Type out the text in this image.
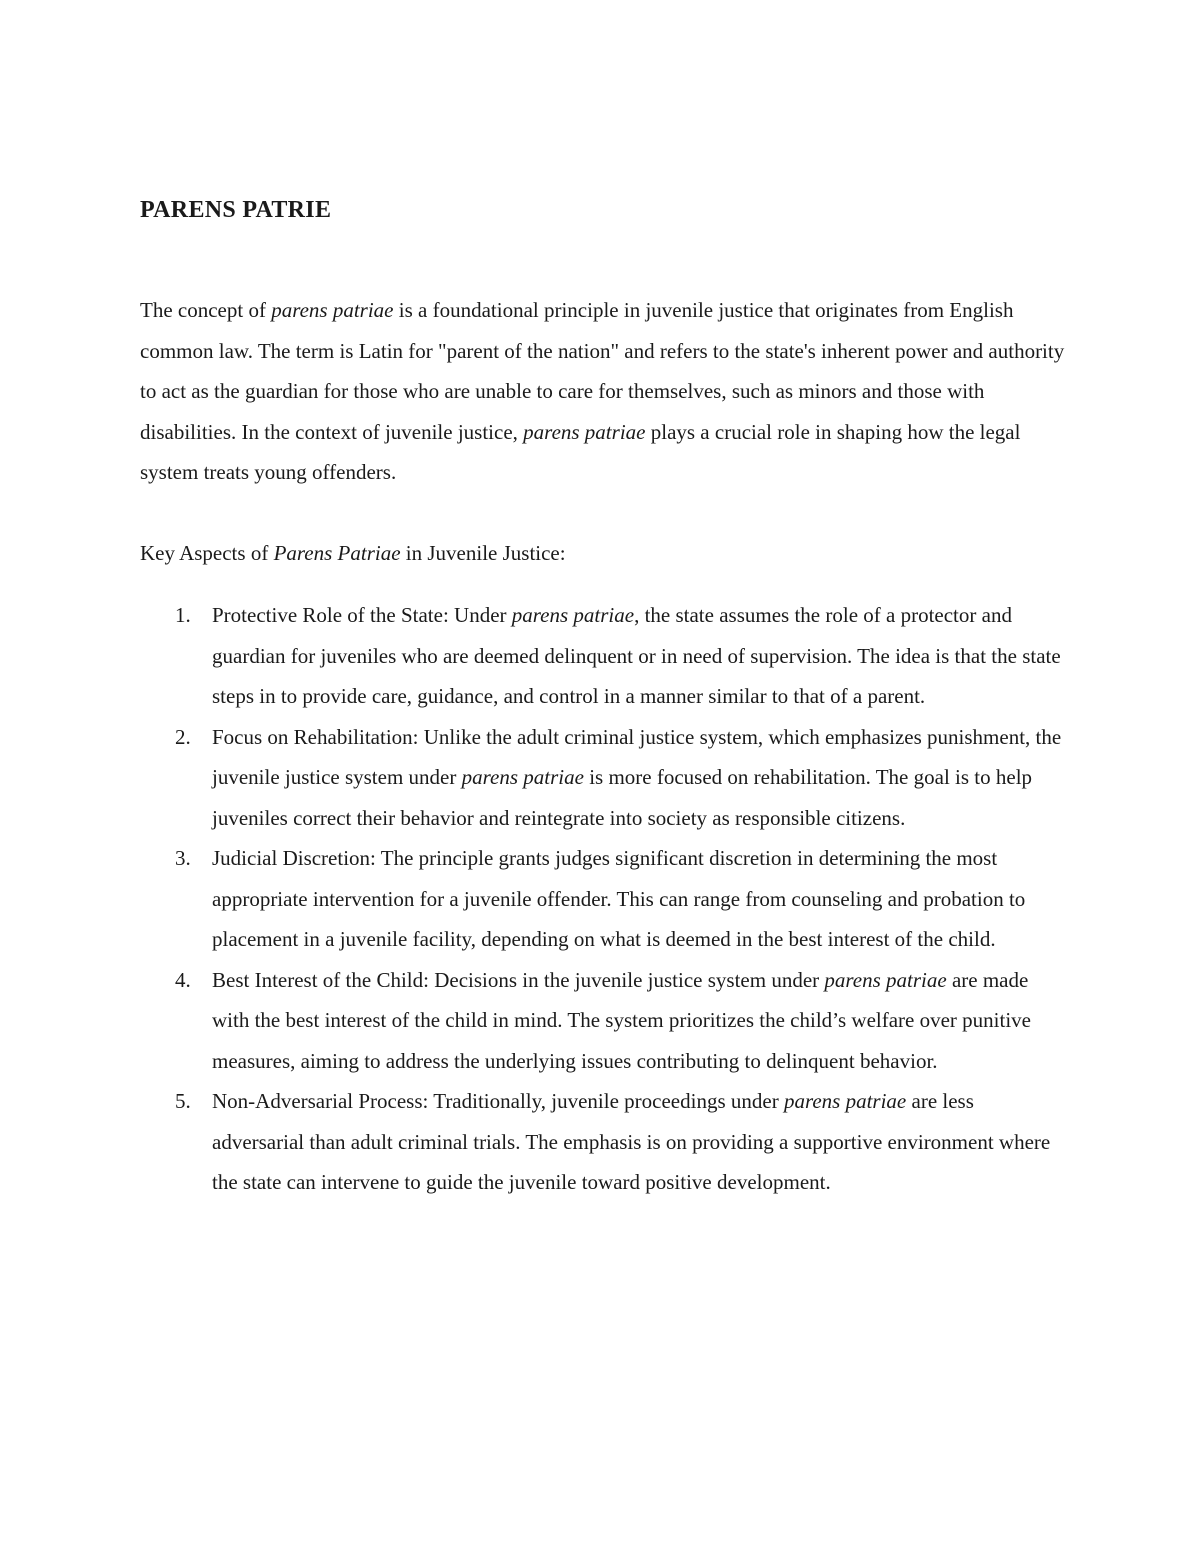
PARENS PATRIE

The concept of parens patriae is a foundational principle in juvenile justice that originates from English common law. The term is Latin for "parent of the nation" and refers to the state's inherent power and authority to act as the guardian for those who are unable to care for themselves, such as minors and those with disabilities. In the context of juvenile justice, parens patriae plays a crucial role in shaping how the legal system treats young offenders.

Key Aspects of Parens Patriae in Juvenile Justice:

1. Protective Role of the State: Under parens patriae, the state assumes the role of a protector and guardian for juveniles who are deemed delinquent or in need of supervision. The idea is that the state steps in to provide care, guidance, and control in a manner similar to that of a parent.
2. Focus on Rehabilitation: Unlike the adult criminal justice system, which emphasizes punishment, the juvenile justice system under parens patriae is more focused on rehabilitation. The goal is to help juveniles correct their behavior and reintegrate into society as responsible citizens.
3. Judicial Discretion: The principle grants judges significant discretion in determining the most appropriate intervention for a juvenile offender. This can range from counseling and probation to placement in a juvenile facility, depending on what is deemed in the best interest of the child.
4. Best Interest of the Child: Decisions in the juvenile justice system under parens patriae are made with the best interest of the child in mind. The system prioritizes the child’s welfare over punitive measures, aiming to address the underlying issues contributing to delinquent behavior.
5. Non-Adversarial Process: Traditionally, juvenile proceedings under parens patriae are less adversarial than adult criminal trials. The emphasis is on providing a supportive environment where the state can intervene to guide the juvenile toward positive development.
